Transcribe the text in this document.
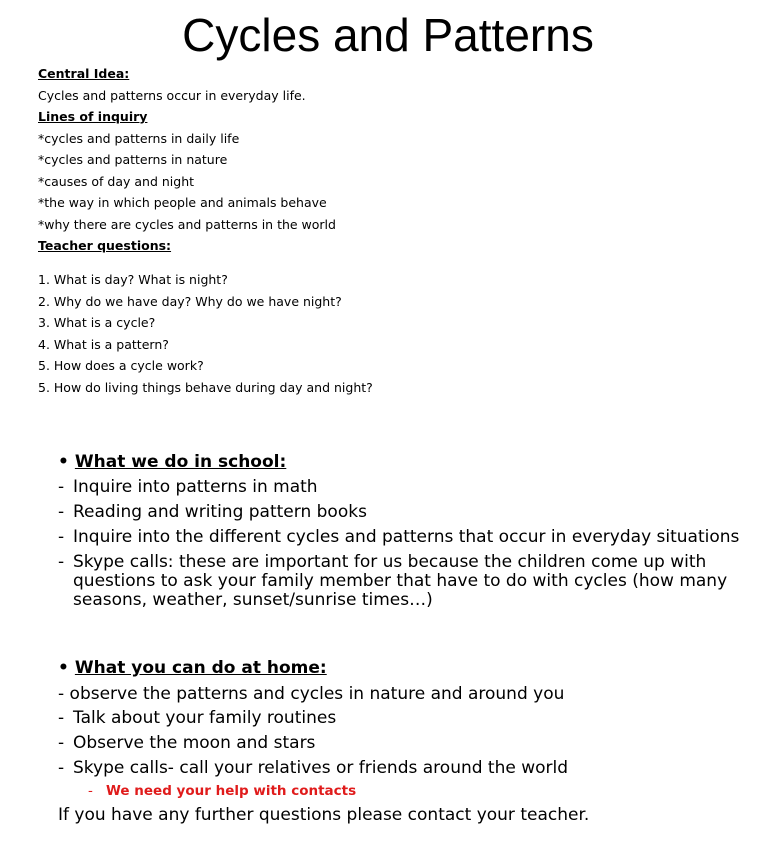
Cycles and Patterns
Central Idea:
Cycles and patterns occur in everyday life.
Lines of inquiry
*cycles and patterns in daily life
*cycles and patterns in nature
*causes of day and night
*the way in which people and animals behave
*why there are cycles and patterns in the world
Teacher questions:
1. What is day? What is night?
2. Why do we have day? Why do we have night?
3. What is a cycle?
4. What is a pattern?
5. How does a cycle work?
5. How do living things behave during day and night?
• What we do in school:
- Inquire into patterns in math
- Reading and writing pattern books
- Inquire into the different cycles and patterns that occur in everyday situations
- Skype calls: these are important for us because the children come up with questions to ask your family member that have to do with cycles (how many seasons, weather, sunset/sunrise times…)
• What you can do at home:
- observe the patterns and cycles in nature and around you
- Talk about your family routines
- Observe the moon and stars
- Skype calls- call your relatives or friends around the world
- We need your help with contacts
If you have any further questions please contact your teacher.
